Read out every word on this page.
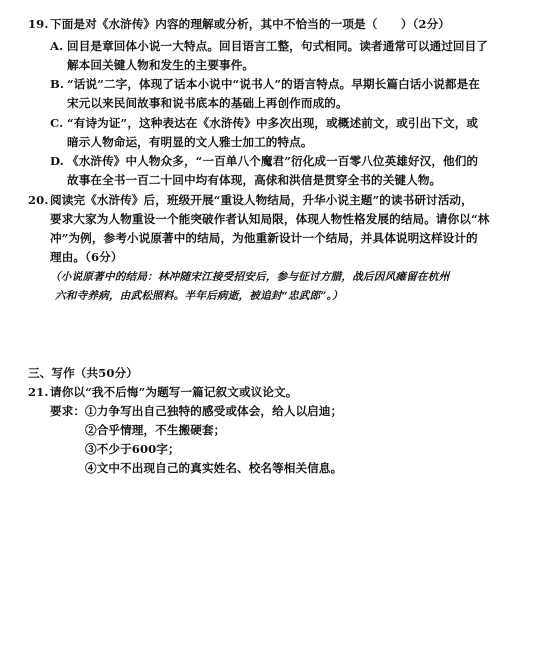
19. 下面是对《水浒传》内容的理解或分析，其中不恰当的一项是（　　）（2分）
A. 回目是章回体小说一大特点。回目语言工整，句式相同。读者通常可以通过回目了
解本回关键人物和发生的主要事件。
B. “话说”二字，体现了话本小说中“说书人”的语言特点。早期长篇白话小说都是在
宋元以来民间故事和说书底本的基础上再创作而成的。
C. “有诗为证”，这种表达在《水浒传》中多次出现，或概述前文，或引出下文，或
暗示人物命运，有明显的文人雅士加工的特点。
D. 《水浒传》中人物众多，“一百单八个魔君”衍化成一百零八位英雄好汉，他们的
故事在全书一百二十回中均有体现，高俅和洪信是贯穿全书的关键人物。
20. 阅读完《水浒传》后，班级开展“重设人物结局，升华小说主题”的读书研讨活动，
要求大家为人物重设一个能突破作者认知局限，体现人物性格发展的结局。请你以“林
冲”为例，参考小说原著中的结局，为他重新设计一个结局，并具体说明这样设计的
理由。（6分）
（小说原著中的结局：林冲随宋江接受招安后，参与征讨方腊，战后因风瘫留在杭州
六和寺养病，由武松照料。半年后病逝，被追封“忠武郎”。）
三、写作（共50分）
21. 请你以“我不后悔”为题写一篇记叙文或议论文。
要求： ①力争写出自己独特的感受或体会，给人以启迪；
②合乎情理，不生搬硬套；
③不少于600字；
④文中不出现自己的真实姓名、校名等相关信息。
